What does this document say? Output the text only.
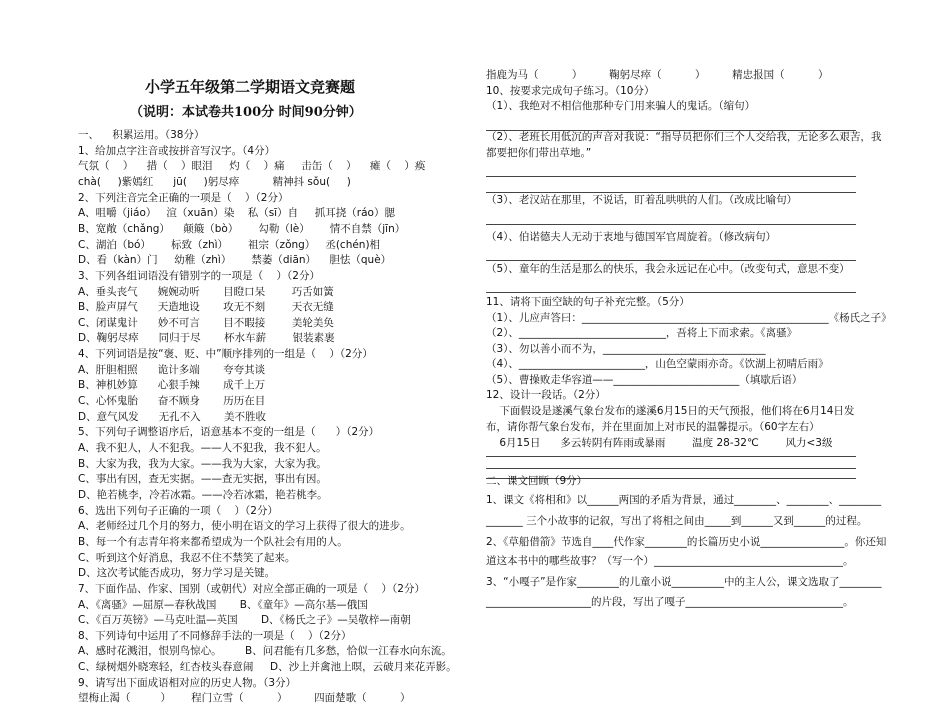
小学五年级第二学期语文竞赛题
（说明：本试卷共100分 时间90分钟）
一、    积累运用。（38分）
1、给加点字注音或按拼音写汉字。（4分）
气氛（    ）    措（    ）眼泪     灼（    ）痛     击缶（    ）    瘫（    ）痪
chà(     )紫嫣红      jū(     )躬尽瘁          精神抖 sǒu(     )
2、下列注音完全正确的一项是（    ）（2分）
A、咀嚼（jiáo）   渲（xuān）染    私（sī）自     抓耳挠（ráo）腮
B、宽敞（chǎng）    颠簸（bò）      勾勒（lè）      情不自禁（jīn）
C、湖泊（bó）      标致（zhì）      祖宗（zǒng）   丞(chén)相
D、看（kàn）门     幼稚（zhì）      禁萎（diān）    胆怯（què）
3、下列各组词语没有错别字的一项是（    ）（2分）
A、垂头丧气      婉婉动听       目瞪口呆        巧舌如簧
B、脸声屏气      天造地设       攻无不刻        天衣无缝
C、闭谋鬼计      妙不可言       目不暇接        美轮美奂
D、鞠躬尽瘁      同归于尽       杯水车薪        银装素裹
4、下列词语是按“褒、贬、中”顺序排列的一组是（    ）（2分）
A、肝胆相照      诡计多端       夸夸其谈
B、神机妙算      心狠手辣       成千上万
C、心怀鬼胎      奋不顾身       历历在目
D、意气风发      无孔不入       美不胜收
5、下列句子调整语序后，语意基本不变的一组是（      ）（2分）
A、我不犯人，人不犯我。——人不犯我，我不犯人。
B、大家为我，我为大家。——我为大家，大家为我。
C、事出有因，查无实据。——查无实据，事出有因。
D、艳若桃李，冷若冰霜。——冷若冰霜，艳若桃李。
6、选出下列句子正确的一项（    ）（2分）
A、老师经过几个月的努力，使小明在语文的学习上获得了很大的进步。
B、每一个有志青年将来都希望成为一个队社会有用的人。
C、听到这个好消息，我忍不住不禁笑了起来。
D、这次考试能否成功，努力学习是关键。
7、下面作品、作家、国别（或朝代）对应全部正确的一项是（    ）（2分）
A、《离骚》—屈原—春秋战国       B、《童年》—高尔基—俄国
C、《百万英镑》—马克吐温—英国       D、《杨氏之子》—吴敬梓—南朝
8、下列诗句中运用了不同修辞手法的一项是（    ）（2分）
A、感时花溅泪，恨别鸟惊心。       B、问君能有几多愁，恰似一江春水向东流。
C、绿树烟外晓寒轻，红杏枝头春意闹     D、沙上并禽池上暝，云破月来花弄影。
9、请写出下面成语相对应的历史人物。（3分）
望梅止渴（         ）      程门立雪（          ）        四面楚歌（          ）
指鹿为马（          ）        鞠躬尽瘁（          ）        精忠报国（          ）
10、按要求完成句子练习。（10分）
（1）、我绝对不相信他那种专门用来骗人的鬼话。（缩句）
（2）、老班长用低沉的声音对我说：“指导员把你们三个人交给我，无论多么艰苦，我
都要把你们带出草地。”
（3）、老汉站在那里，不说话，盯着乱哄哄的人们。（改成比喻句）
（4）、伯诺德夫人无动于衷地与德国军官周旋着。（修改病句）
（5）、童年的生活是那么的快乐，我会永远记在心中。（改变句式，意思不变）
11、请将下面空缺的句子补充完整。（5分）
（1）、儿应声答曰：_______________________________________________《杨氏之子》
（2）、____________________________，吾将上下而求索。《离骚》
（3）、勿以善小而不为，_______________________________
（4）、________________________，山色空蒙雨亦奇。《饮湖上初晴后雨》
（5）、曹操败走华容道——________________________（填歇后语）
12、设计一段话。（2分）
下面假设是遂溪气象台发布的遂溪6月15日的天气预报，他们将在6月14日发
布，请你帮气象台发布，并在里面加上对市民的温馨提示。（60字左右）
6月15日      多云转阴有阵雨或暴雨        温度 28-32℃        风力<3级
二、课文回顾（9分）
1、课文《将相和》以______两国的矛盾为背景，通过________、________、________
_______ 三个小故事的记叙，写出了将相之间由_____到______又到______的过程。
2、《草船借箭》节选自____代作家________的长篇历史小说________________。你还知
道这本书中的哪些故事？（写一个）____________________________________。
3、“小嘎子”是作家________的儿童小说__________中的主人公，课文选取了________
____________________的片段，写出了嘎子______________________________。
